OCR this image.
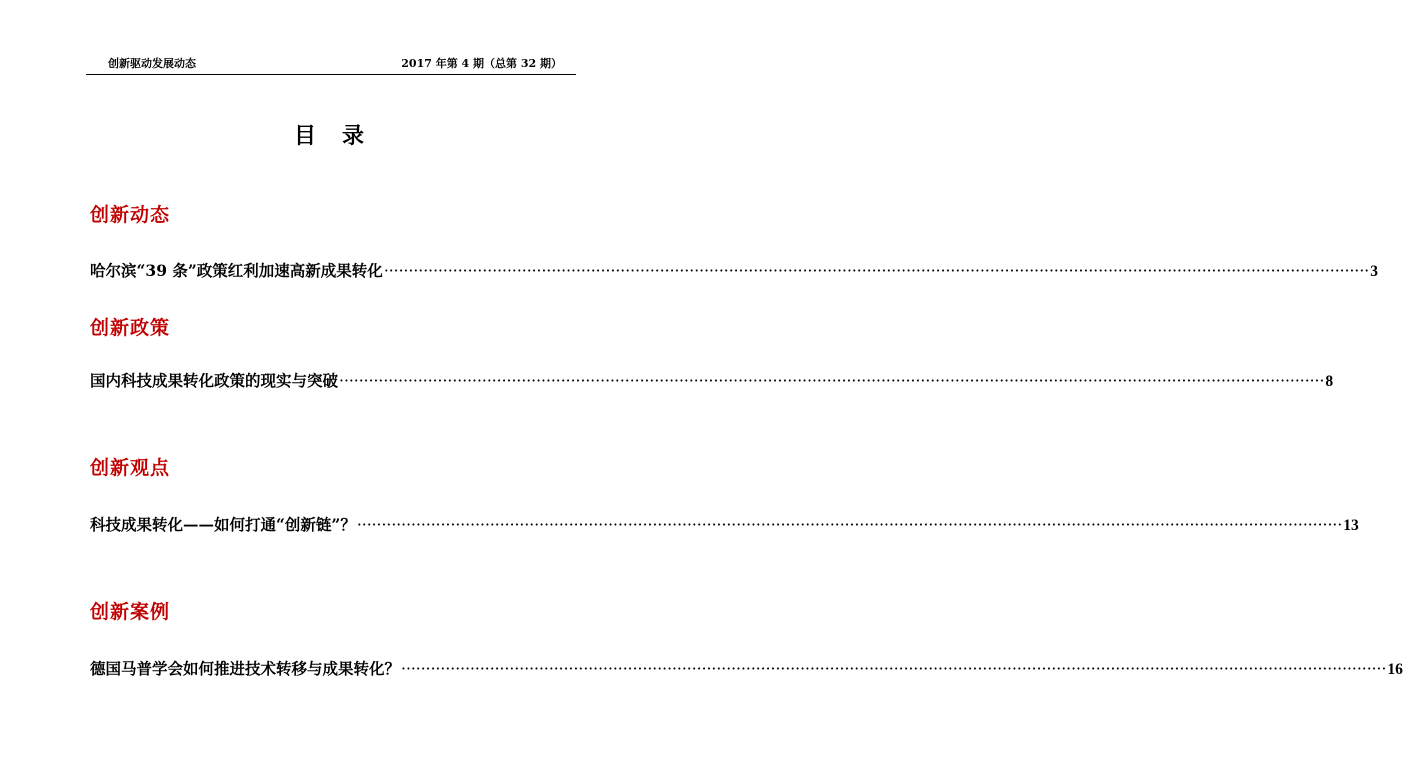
创新驱动发展动态	2017 年第 4 期（总第 32 期）
目录
创新动态
哈尔滨“39 条”政策红利加速高新成果转化 ········································································································································································································ 3
创新政策
国内科技成果转化政策的现实与突破 ········································································································································································································ 8
创新观点
科技成果转化——如何打通“创新链”？ ········································································································································································································ 13
创新案例
德国马普学会如何推进技术转移与成果转化？ ········································································································································································································ 16
